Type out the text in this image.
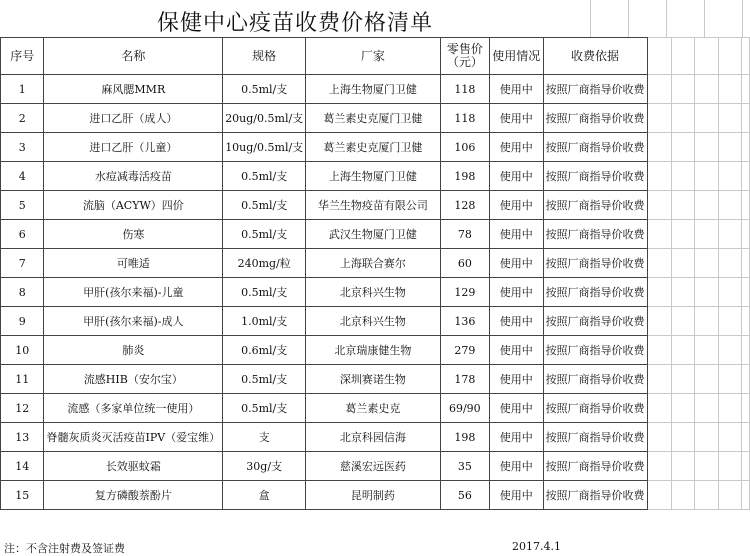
保健中心疫苗收费价格清单
序号	名称	规格	厂家	零售价（元）	使用情况	收费依据					
1	麻风腮MMR	0.5ml/支	上海生物厦门卫健	118	使用中	按照厂商指导价收费					
2	进口乙肝（成人）	20ug/0.5ml/支	葛兰素史克厦门卫健	118	使用中	按照厂商指导价收费					
3	进口乙肝（儿童）	10ug/0.5ml/支	葛兰素史克厦门卫健	106	使用中	按照厂商指导价收费					
4	水痘减毒活疫苗	0.5ml/支	上海生物厦门卫健	198	使用中	按照厂商指导价收费					
5	流脑（ACYW）四价	0.5ml/支	华兰生物疫苗有限公司	128	使用中	按照厂商指导价收费					
6	伤寒	0.5ml/支	武汉生物厦门卫健	78	使用中	按照厂商指导价收费					
7	可唯适	240mg/粒	上海联合赛尔	60	使用中	按照厂商指导价收费					
8	甲肝(孩尔来福)-儿童	0.5ml/支	北京科兴生物	129	使用中	按照厂商指导价收费					
9	甲肝(孩尔来福)-成人	1.0ml/支	北京科兴生物	136	使用中	按照厂商指导价收费					
10	肺炎	0.6ml/支	北京瑞康健生物	279	使用中	按照厂商指导价收费					
11	流感HIB（安尔宝）	0.5ml/支	深圳赛诺生物	178	使用中	按照厂商指导价收费					
12	流感（多家单位统一使用）	0.5ml/支	葛兰素史克	69/90	使用中	按照厂商指导价收费					
13	脊髓灰质炎灭活疫苗IPV（爱宝维）	支	北京科园信海	198	使用中	按照厂商指导价收费					
14	长效驱蚊霜	30g/支	慈溪宏远医药	35	使用中	按照厂商指导价收费					
15	复方磷酸萘酚片	盒	昆明制药	56	使用中	按照厂商指导价收费					
注：不含注射费及签证费	2017.4.1
